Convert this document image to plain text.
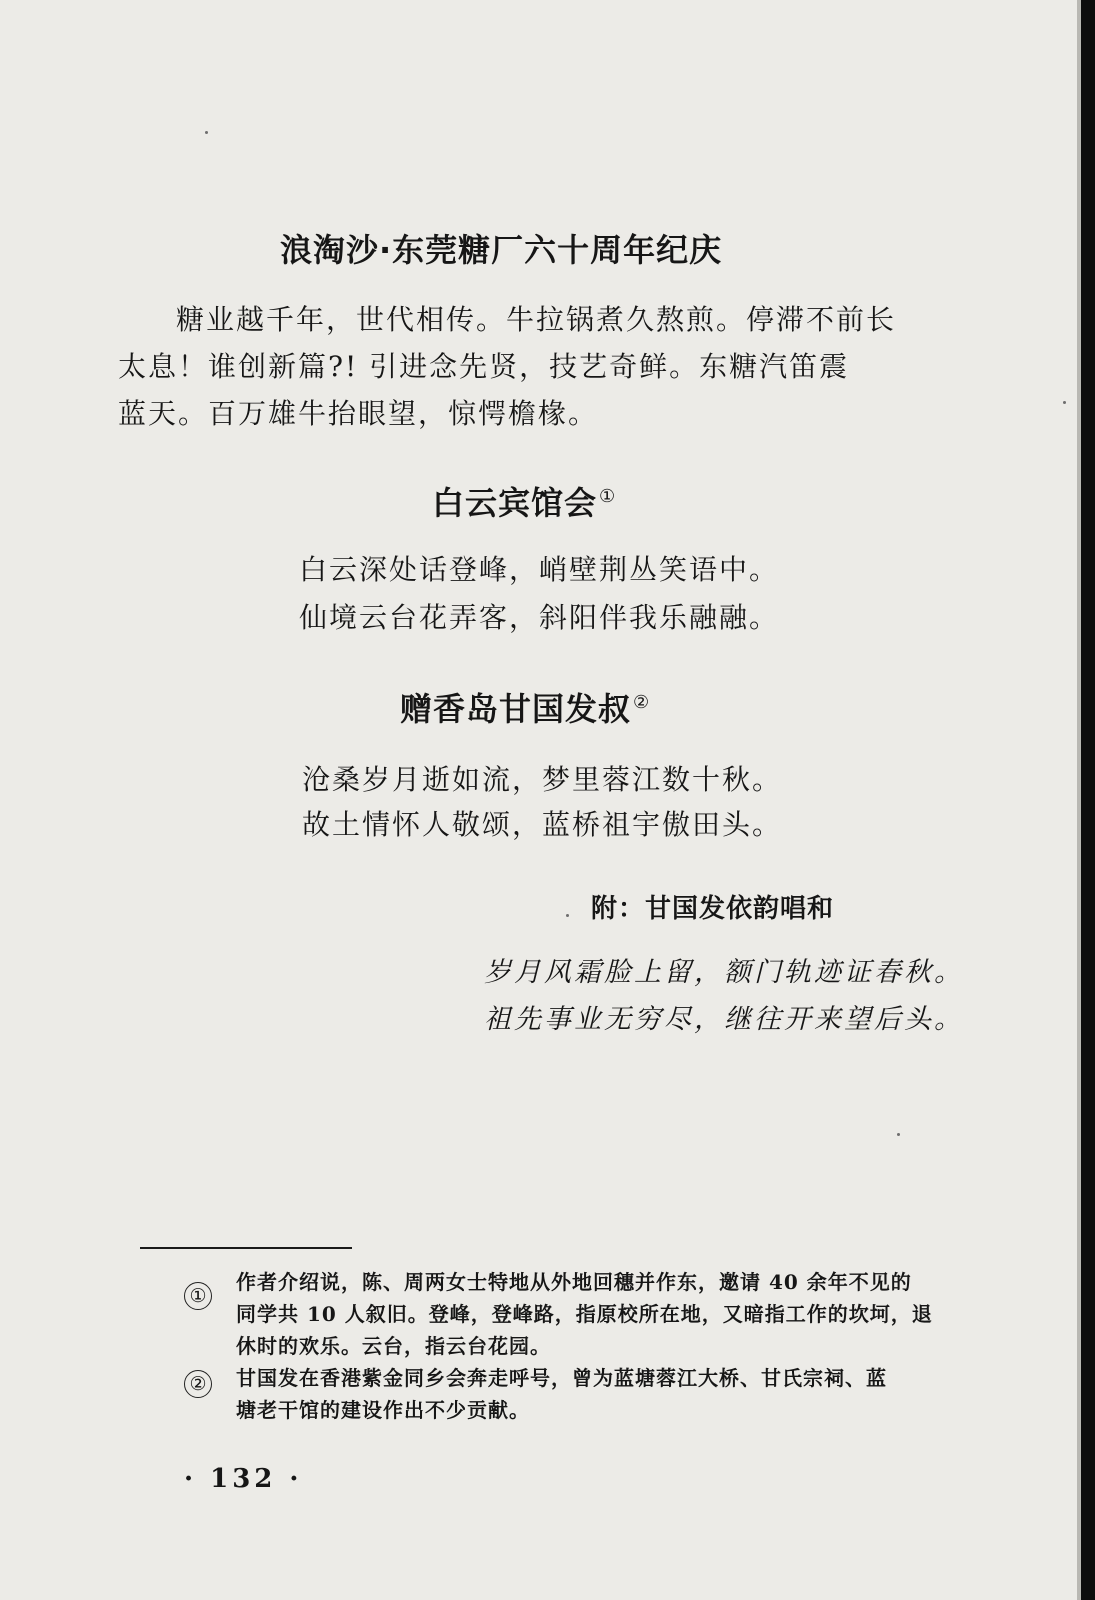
浪淘沙·东莞糖厂六十周年纪庆
糖业越千年，世代相传。牛拉锅煮久熬煎。停滞不前长
太息！谁创新篇?! 引进念先贤，技艺奇鲜。东糖汽笛震
蓝天。百万雄牛抬眼望，惊愕檐椽。
白云宾馆会 ①
白云深处话登峰，峭壁荆丛笑语中。
仙境云台花弄客，斜阳伴我乐融融。
赠香岛甘国发叔 ②
沧桑岁月逝如流，梦里蓉江数十秋。
故土情怀人敬颂，蓝桥祖宇傲田头。
附：甘国发依韵唱和
岁月风霜脸上留，额门轨迹证春秋。
祖先事业无穷尽，继往开来望后头。
①
作者介绍说，陈、周两女士特地从外地回穗并作东，邀请 40 余年不见的
同学共 10 人叙旧。登峰，登峰路，指原校所在地，又暗指工作的坎坷，退
休时的欢乐。云台，指云台花园。
② 甘国发在香港紫金同乡会奔走呼号，曾为蓝塘蓉江大桥、甘氏宗祠、蓝
塘老干馆的建设作出不少贡献。
· 132 ·
